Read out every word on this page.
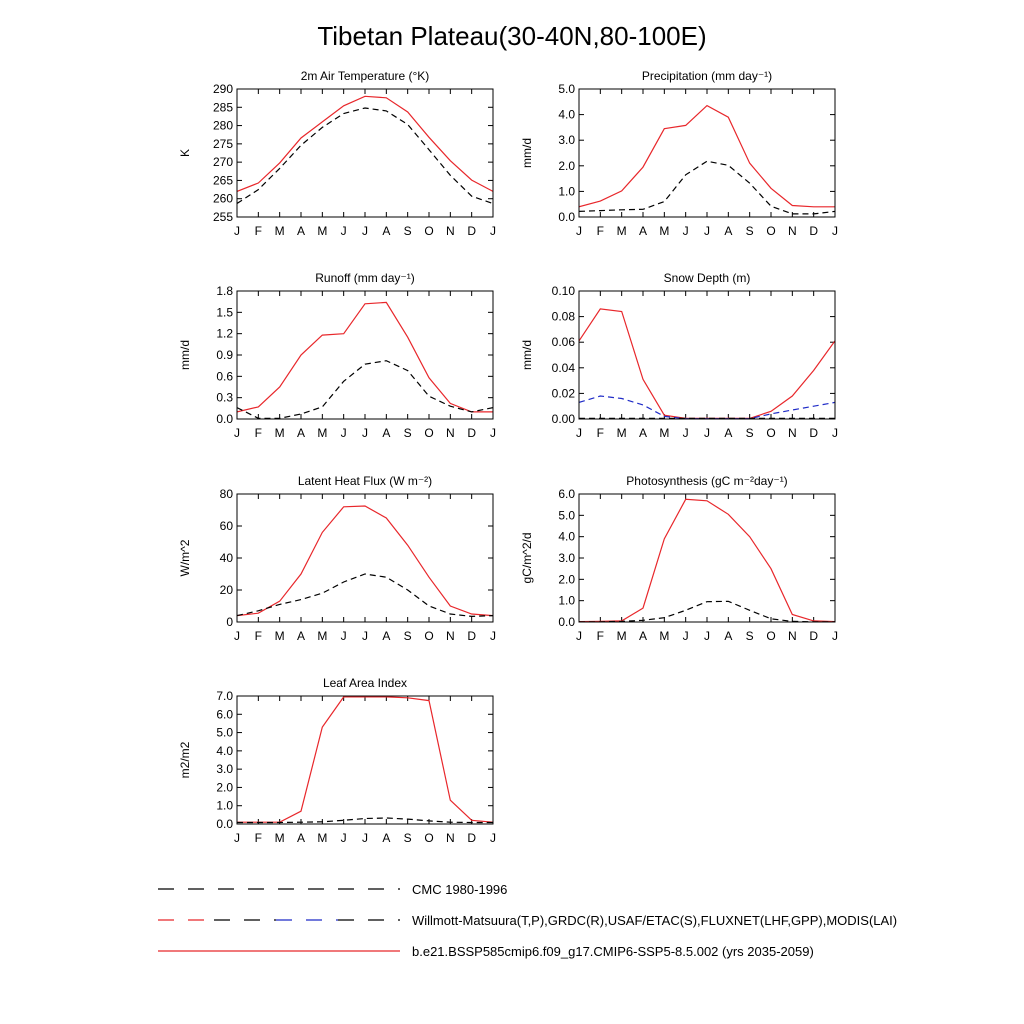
Tibetan Plateau(30-40N,80-100E)
2m Air Temperature (°K)
J F M A M J J A S O N D J
255
260
265
270
275
280
285
290
K
Precipitation (mm day⁻¹)
J F M A M J J A S O N D J
0.0
1.0
2.0
3.0
4.0
5.0
mm/d
Runoff (mm day⁻¹)
J F M A M J J A S O N D J
0.0
0.3
0.6
0.9
1.2
1.5
1.8
mm/d
Snow Depth (m)
J F M A M J J A S O N D J
0.00
0.02
0.04
0.06
0.08
0.10
mm/d
Latent Heat Flux (W m⁻²)
J F M A M J J A S O N D J
0
20
40
60
80
W/m^2
Photosynthesis (gC m⁻²day⁻¹)
J F M A M J J A S O N D J
0.0
1.0
2.0
3.0
4.0
5.0
6.0
gC/m^2/d
Leaf Area Index
J F M A M J J A S O N D J
0.0
1.0
2.0
3.0
4.0
5.0
6.0
7.0
m2/m2
CMC 1980-1996
Willmott-Matsuura(T,P),GRDC(R),USAF/ETAC(S),FLUXNET(LHF,GPP),MODIS(LAI)
b.e21.BSSP585cmip6.f09_g17.CMIP6-SSP5-8.5.002 (yrs 2035-2059)
